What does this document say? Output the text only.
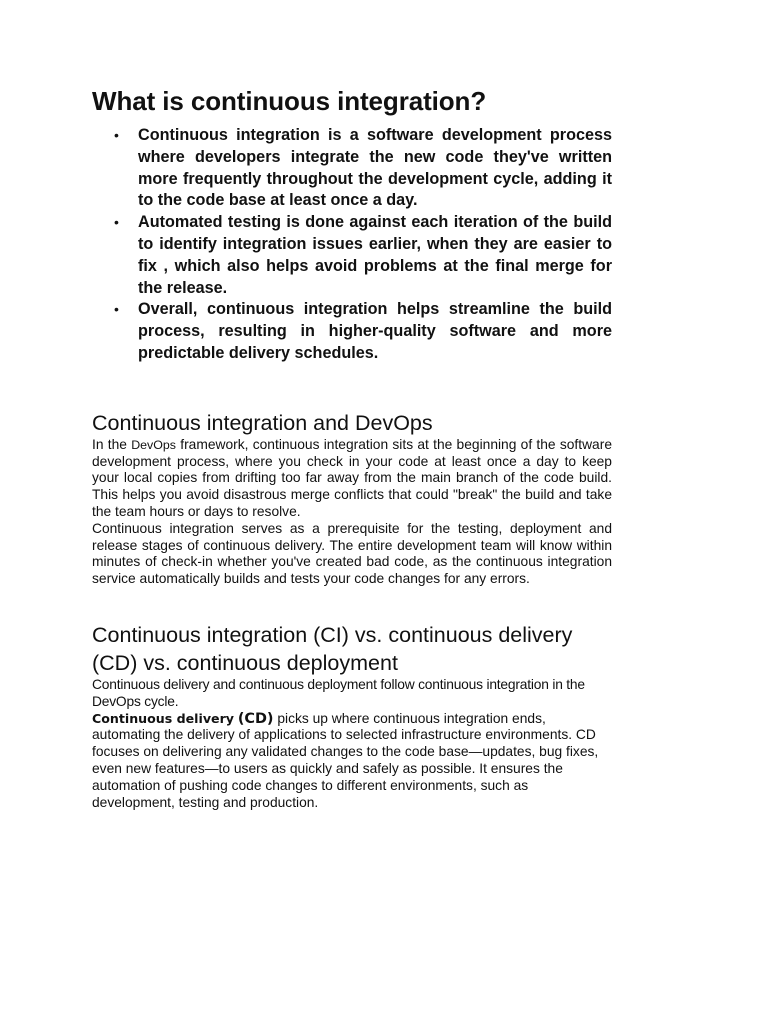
What is continuous integration?
• Continuous integration is a software development process where developers integrate the new code they've written more frequently throughout the development cycle, adding it to the code base at least once a day.
• Automated testing is done against each iteration of the build to identify integration issues earlier, when they are easier to fix , which also helps avoid problems at the final merge for the release.
• Overall, continuous integration helps streamline the build process, resulting in higher-quality software and more predictable delivery schedules.
Continuous integration and DevOps

In the DevOps framework, continuous integration sits at the beginning of the software development process, where you check in your code at least once a day to keep your local copies from drifting too far away from the main branch of the code build. This helps you avoid disastrous merge conflicts that could "break" the build and take the team hours or days to resolve.

Continuous integration serves as a prerequisite for the testing, deployment and release stages of continuous delivery. The entire development team will know within minutes of check-in whether you've created bad code, as the continuous integration service automatically builds and tests your code changes for any errors.

Continuous integration (CI) vs. continuous delivery (CD) vs. continuous deployment

Continuous delivery and continuous deployment follow continuous integration in the DevOps cycle.

Continuous delivery (CD) picks up where continuous integration ends, automating the delivery of applications to selected infrastructure environments. CD focuses on delivering any validated changes to the code base—updates, bug fixes, even new features—to users as quickly and safely as possible. It ensures the automation of pushing code changes to different environments, such as development, testing and production.
